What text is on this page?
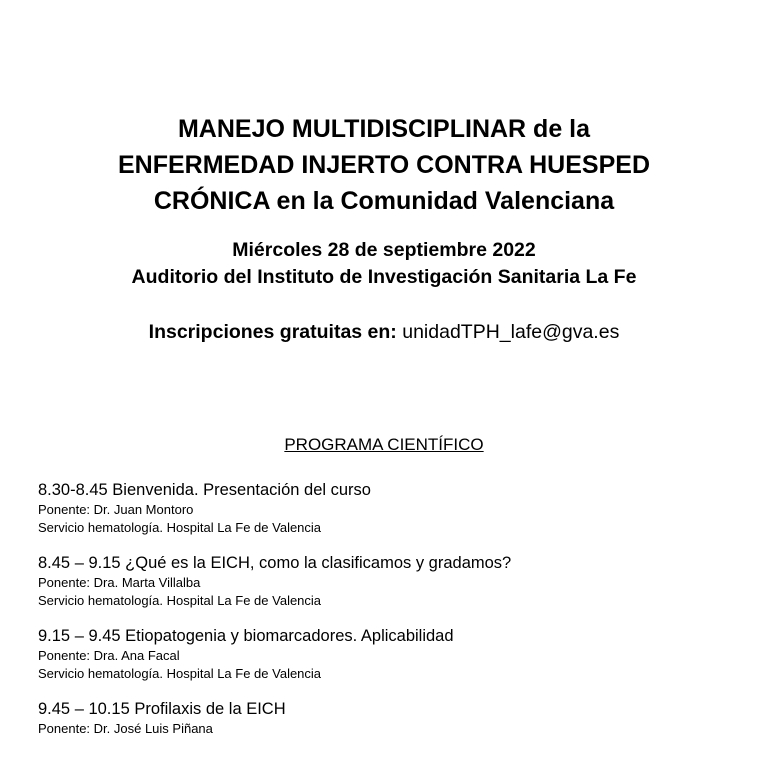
MANEJO MULTIDISCIPLINAR de la
ENFERMEDAD INJERTO CONTRA HUESPED
CRÓNICA en la Comunidad Valenciana
Miércoles 28 de septiembre 2022
Auditorio del Instituto de Investigación Sanitaria La Fe
Inscripciones gratuitas en: unidadTPH_lafe@gva.es
PROGRAMA CIENTÍFICO
8.30-8.45 Bienvenida. Presentación del curso
Ponente: Dr. Juan Montoro
Servicio hematología. Hospital La Fe de Valencia
8.45 – 9.15 ¿Qué es la EICH, como la clasificamos y gradamos?
Ponente: Dra. Marta Villalba
Servicio hematología. Hospital La Fe de Valencia
9.15 – 9.45 Etiopatogenia y biomarcadores. Aplicabilidad
Ponente: Dra. Ana Facal
Servicio hematología. Hospital La Fe de Valencia
9.45 – 10.15 Profilaxis de la EICH
Ponente: Dr. José Luis Piñana
